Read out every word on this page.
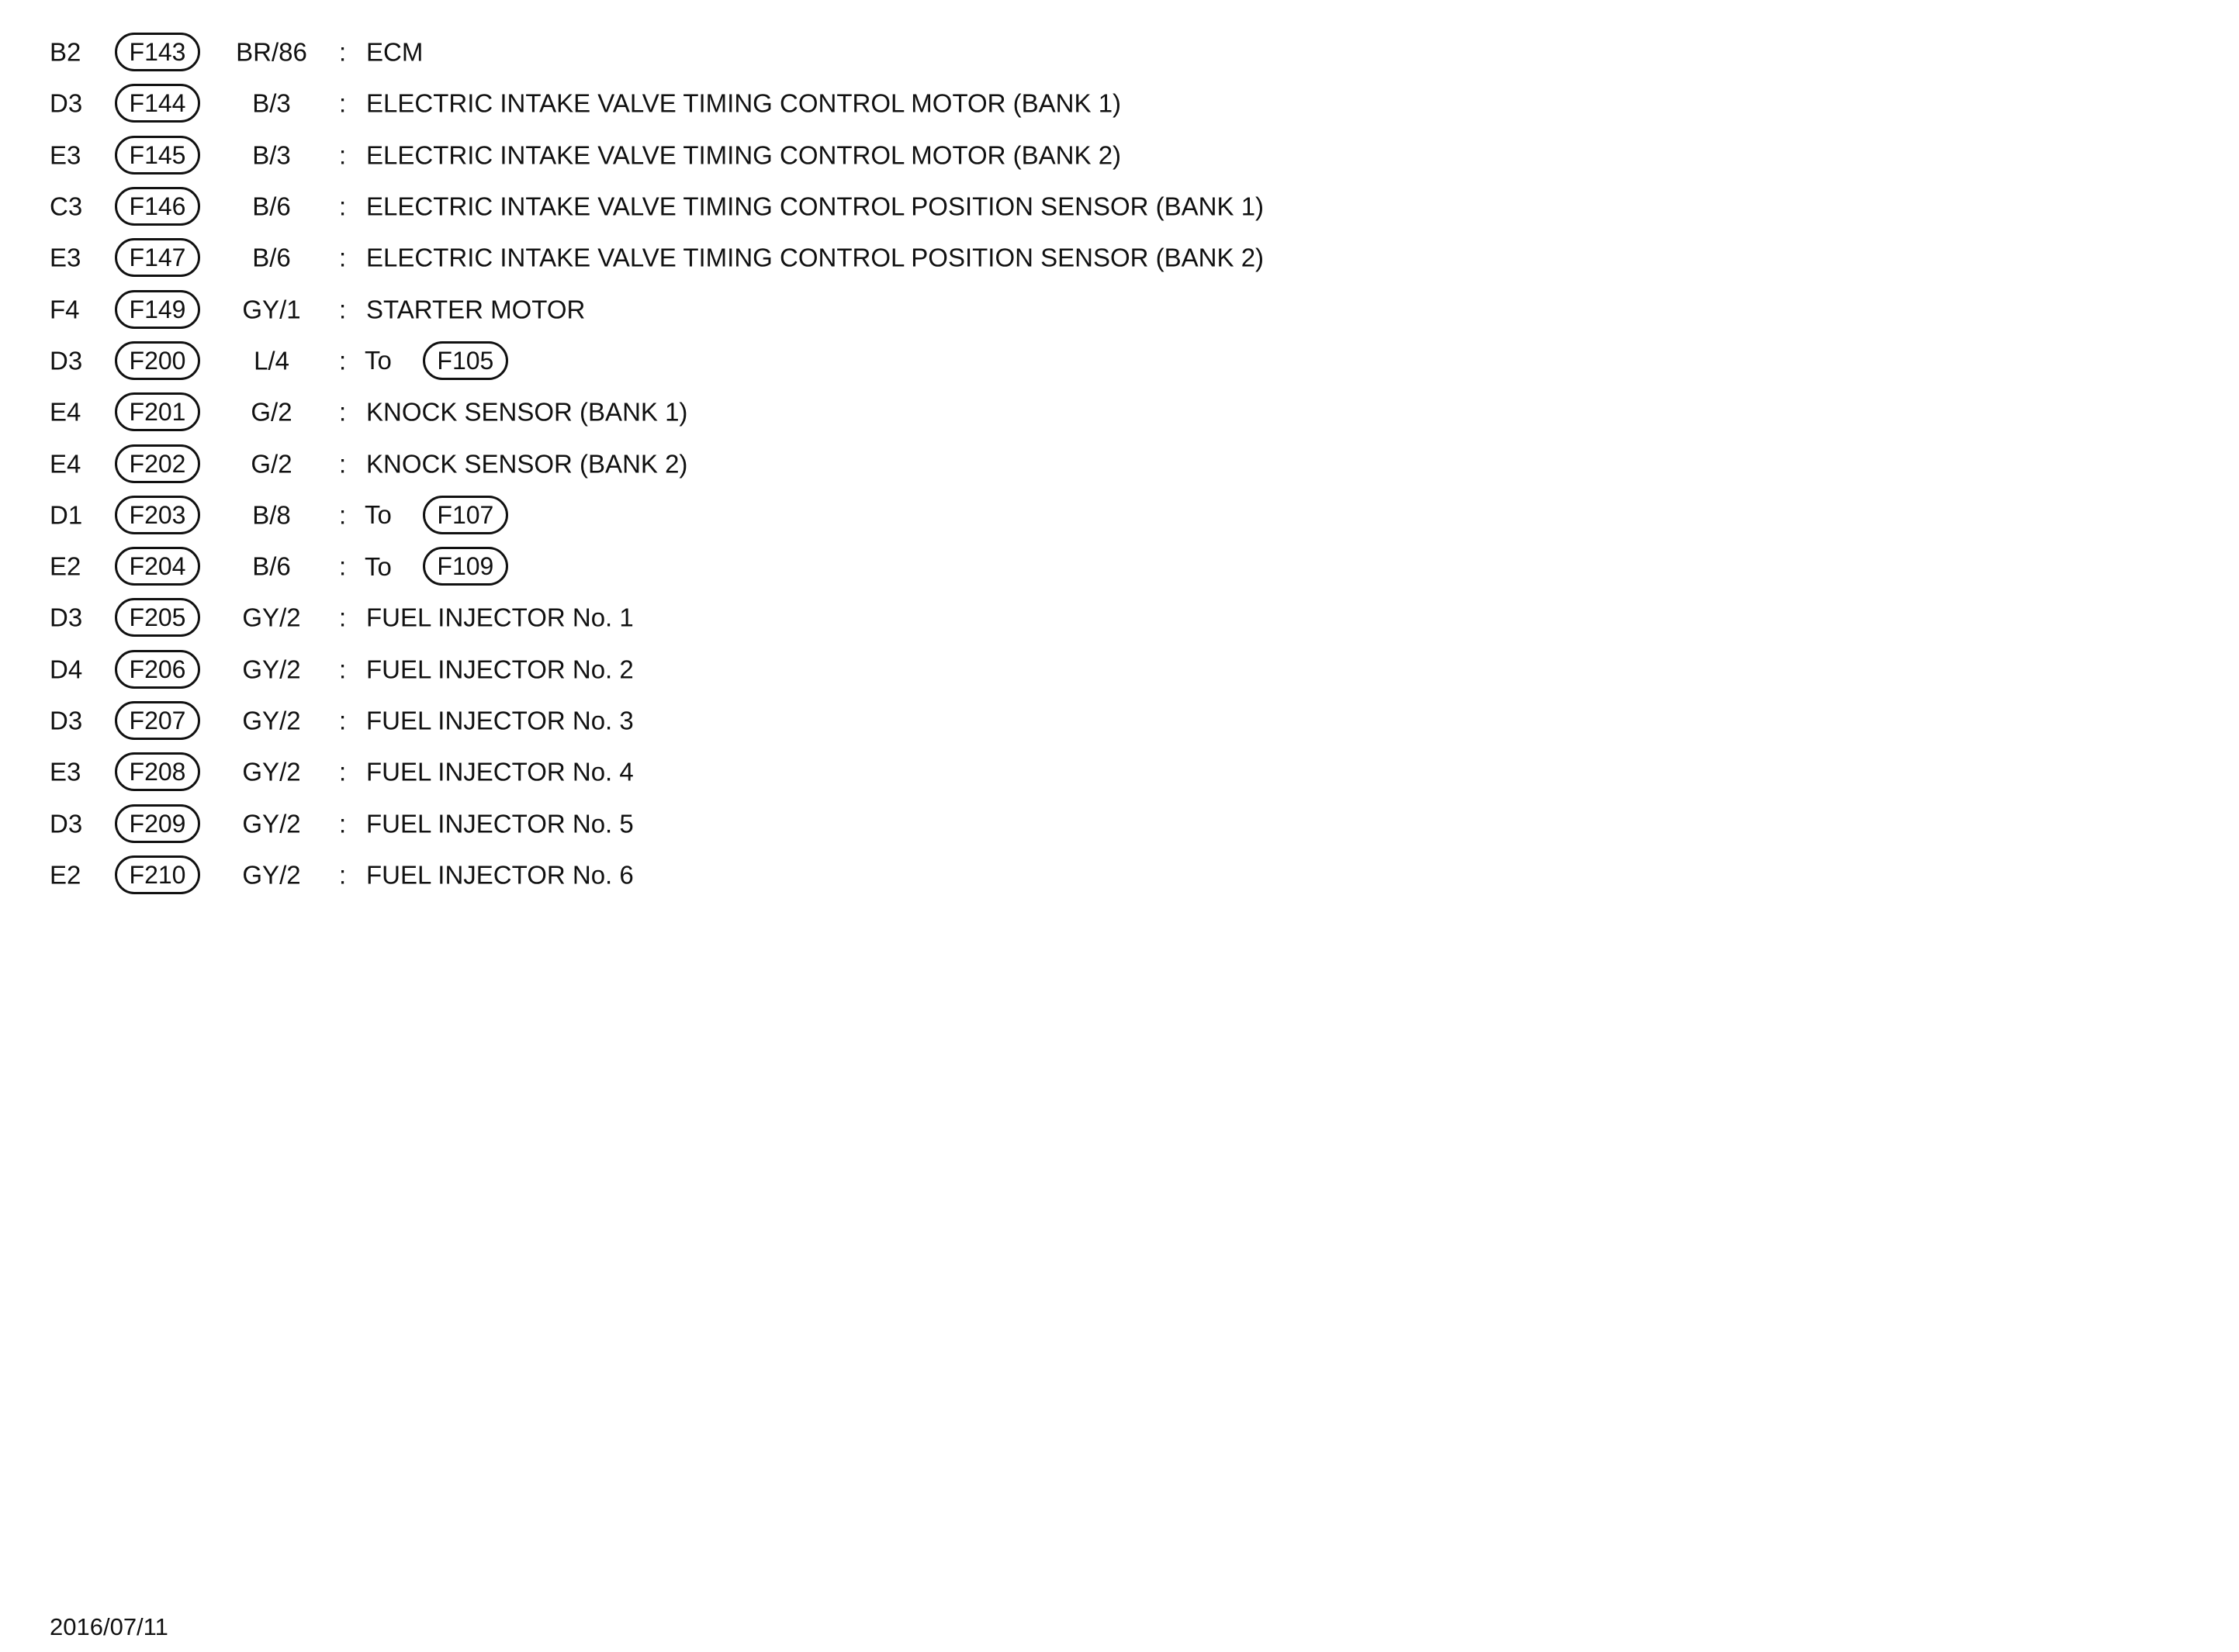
B2	F143	BR/86	: ECM
D3	F144	B/3	: ELECTRIC INTAKE VALVE TIMING CONTROL MOTOR (BANK 1)
E3	F145	B/3	: ELECTRIC INTAKE VALVE TIMING CONTROL MOTOR (BANK 2)
C3	F146	B/6	: ELECTRIC INTAKE VALVE TIMING CONTROL POSITION SENSOR (BANK 1)
E3	F147	B/6	: ELECTRIC INTAKE VALVE TIMING CONTROL POSITION SENSOR (BANK 2)
F4	F149	GY/1	: STARTER MOTOR
D3	F200	L/4	: To	F105
E4	F201	G/2	: KNOCK SENSOR (BANK 1)
E4	F202	G/2	: KNOCK SENSOR (BANK 2)
D1	F203	B/8	: To	F107
E2	F204	B/6	: To	F109
D3	F205	GY/2	: FUEL INJECTOR No. 1
D4	F206	GY/2	: FUEL INJECTOR No. 2
D3	F207	GY/2	: FUEL INJECTOR No. 3
E3	F208	GY/2	: FUEL INJECTOR No. 4
D3	F209	GY/2	: FUEL INJECTOR No. 5
E2	F210	GY/2	: FUEL INJECTOR No. 6
2016/07/11
